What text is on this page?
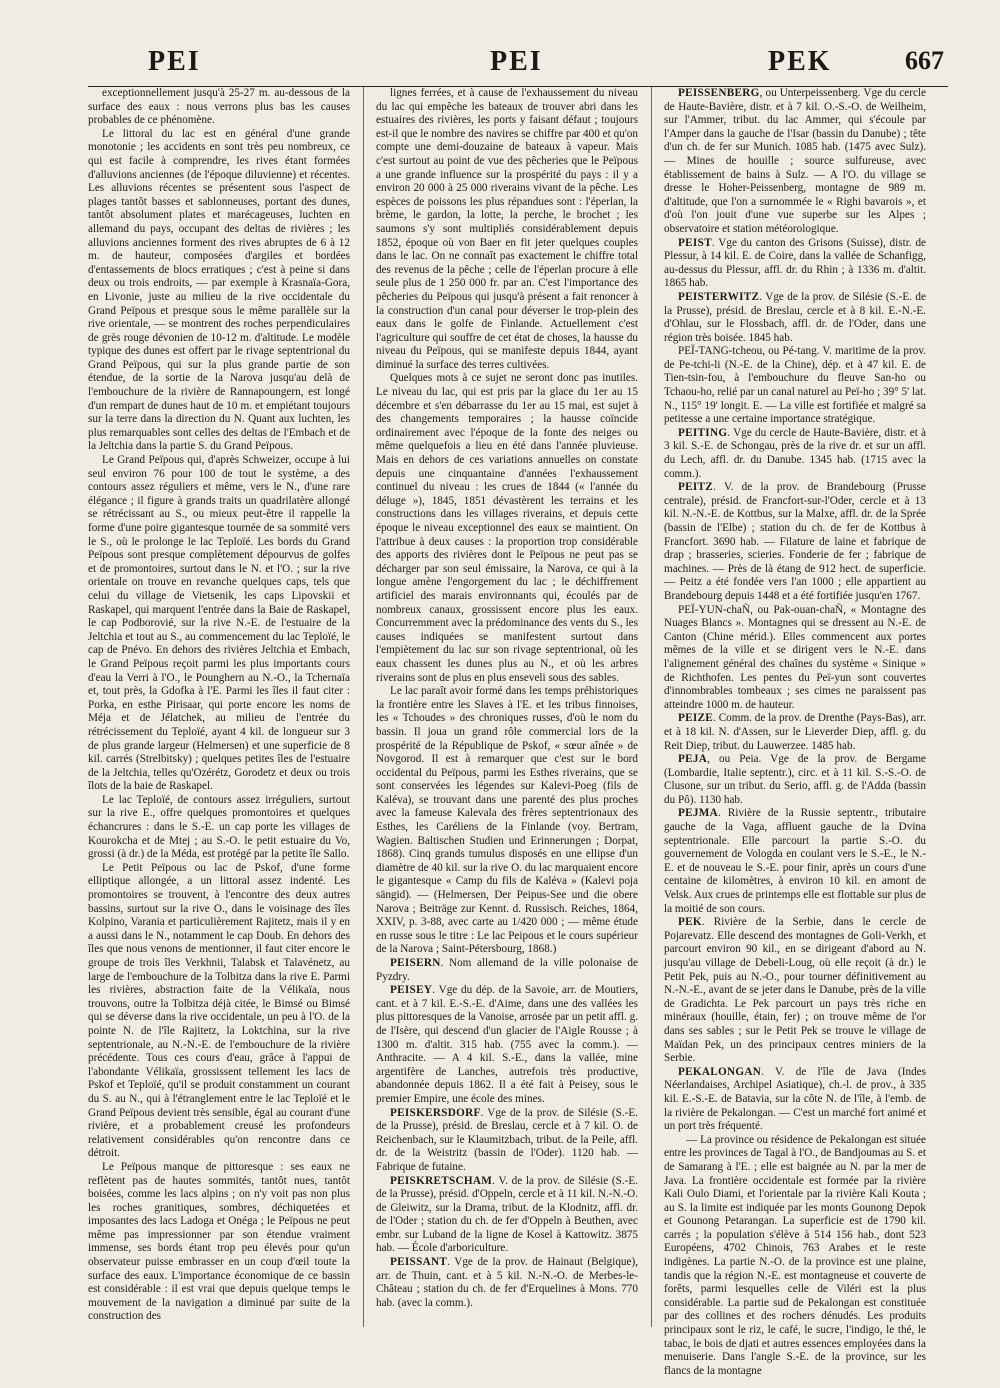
PEI	PEI	PEK	667

exceptionnellement jusqu'à 25-27 m. au-dessous de la surface des eaux : nous verrons plus bas les causes probables de ce phénomène.

Le littoral du lac est en général d'une grande monotonie ; les accidents en sont très peu nombreux, ce qui est facile à comprendre, les rives étant formées d'alluvions anciennes (de l'époque diluvienne) et récentes. Les alluvions récentes se présentent sous l'aspect de plages tantôt basses et sablonneuses, portant des dunes, tantôt absolument plates et marécageuses, luchten en allemand du pays, occupant des deltas de rivières ; les alluvions anciennes forment des rives abruptes de 6 à 12 m. de hauteur, composées d'argiles et bordées d'entassements de blocs erratiques ; c'est à peine si dans deux ou trois endroits, — par exemple à Krasnaïa-Gora, en Livonie, juste au milieu de la rive occidentale du Grand Peïpous et presque sous le même parallèle sur la rive orientale, — se montrent des roches perpendiculaires de grès rouge dévonien de 10-12 m. d'altitude. Le modèle typique des dunes est offert par le rivage septentrional du Grand Peïpous, qui sur la plus grande partie de son étendue, de la sortie de la Narova jusqu'au delà de l'embouchure de la rivière de Rannapoungern, est longé d'un rempart de dunes haut de 10 m. et empiétant toujours sur la terre dans la direction du N. Quant aux luchten, les plus remarquables sont celles des deltas de l'Embach et de la Jeltchia dans la partie S. du Grand Peïpous.

Le Grand Peïpous qui, d'après Schweizer, occupe à lui seul environ 76 pour 100 de tout le système, a des contours assez réguliers et même, vers le N., d'une rare élégance ; il figure à grands traits un quadrilatère allongé se rétrécissant au S., ou mieux peut-être il rappelle la forme d'une poire gigantesque tournée de sa sommité vers le S., où le prolonge le lac Teploïé. Les bords du Grand Peïpous sont presque complètement dépourvus de golfes et de promontoires, surtout dans le N. et l'O. ; sur la rive orientale on trouve en revanche quelques caps, tels que celui du village de Vietsenik, les caps Lipovskii et Raskapel, qui marquent l'entrée dans la Baie de Raskapel, le cap Podborovié, sur la rive N.-E. de l'estuaire de la Jeltchia et tout au S., au commencement du lac Teploïé, le cap de Pnévo. En dehors des rivières Jeltchia et Embach, le Grand Peïpous reçoit parmi les plus importants cours d'eau la Verri à l'O., le Pounghern au N.-O., la Tchernaïa et, tout près, la Gdofka à l'E. Parmi les îles il faut citer : Porka, en esthe Pirisaar, qui porte encore les noms de Méja et de Jélatchek, au milieu de l'entrée du rétrécissement du Teploïé, ayant 4 kil. de longueur sur 3 de plus grande largeur (Helmersen) et une superficie de 8 kil. carrés (Strelbitsky) ; quelques petites îles de l'estuaire de la Jeltchia, telles qu'Ozérétz, Gorodetz et deux ou trois îlots de la baie de Raskapel.

Le lac Teploïé, de contours assez irréguliers, surtout sur la rive E., offre quelques promontoires et quelques échancrures : dans le S.-E. un cap porte les villages de Kourokcha et de Mtej ; au S.-O. le petit estuaire du Vo, grossi (à dr.) de la Méda, est protégé par la petite île Sallo.

Le Petit Peïpous ou lac de Pskof, d'une forme elliptique allongée, a un littoral assez indenté. Les promontoires se trouvent, à l'encontre des deux autres bassins, surtout sur la rive O., dans le voisinage des îles Kolpino, Varania et particulièrement Rajitetz, mais il y en a aussi dans le N., notamment le cap Doub. En dehors des îles que nous venons de mentionner, il faut citer encore le groupe de trois îles Verkhnii, Talabsk et Talavénetz, au large de l'embouchure de la Tolbitza dans la rive E. Parmi les rivières, abstraction faite de la Vélikaïa, nous trouvons, outre la Tolbitza déjà citée, le Bimsé ou Bimsé qui se déverse dans la rive occidentale, un peu à l'O. de la pointe N. de l'île Rajitetz, la Loktchina, sur la rive septentrionale, au N.-N.-E. de l'embouchure de la rivière précédente. Tous ces cours d'eau, grâce à l'appui de l'abondante Vélikaïa, grossissent tellement les lacs de Pskof et Teploïé, qu'il se produit constamment un courant du S. au N., qui à l'étranglement entre le lac Teploïé et le Grand Peïpous devient très sensible, égal au courant d'une rivière, et a probablement creusé les profondeurs relativement considérables qu'on rencontre dans ce détroit.

Le Peïpous manque de pittoresque : ses eaux ne reflètent pas de hautes sommités, tantôt nues, tantôt boisées, comme les lacs alpins ; on n'y voit pas non plus les roches granitiques, sombres, déchiquetées et imposantes des lacs Ladoga et Onéga ; le Peïpous ne peut même pas impressionner par son étendue vraiment immense, ses bords étant trop peu élevés pour qu'un observateur puisse embrasser en un coup d'œil toute la surface des eaux. L'importance économique de ce bassin est considérable : il est vrai que depuis quelque temps le mouvement de la navigation a diminué par suite de la construction des

lignes ferrées, et à cause de l'exhaussement du niveau du lac qui empêche les bateaux de trouver abri dans les estuaires des rivières, les ports y faisant défaut ; toujours est-il que le nombre des navires se chiffre par 400 et qu'on compte une demi-douzaine de bateaux à vapeur. Mais c'est surtout au point de vue des pêcheries que le Peïpous a une grande influence sur la prospérité du pays : il y a environ 20 000 à 25 000 riverains vivant de la pêche. Les espèces de poissons les plus répandues sont : l'éperlan, la brème, le gardon, la lotte, la perche, le brochet ; les saumons s'y sont multipliés considérablement depuis 1852, époque où von Baer en fit jeter quelques couples dans le lac. On ne connaît pas exactement le chiffre total des revenus de la pêche ; celle de l'éperlan procure à elle seule plus de 1 250 000 fr. par an. C'est l'importance des pêcheries du Peïpous qui jusqu'à présent a fait renoncer à la construction d'un canal pour déverser le trop-plein des eaux dans le golfe de Finlande. Actuellement c'est l'agriculture qui souffre de cet état de choses, la hausse du niveau du Peïpous, qui se manifeste depuis 1844, ayant diminué la surface des terres cultivées.

Quelques mots à ce sujet ne seront donc pas inutiles. Le niveau du lac, qui est pris par la glace du 1er au 15 décembre et s'en débarrasse du 1er au 15 mai, est sujet à des changements temporaires ; la hausse coïncide ordinairement avec l'époque de la fonte des neiges ou même quelquefois a lieu en été dans l'année pluvieuse. Mais en dehors de ces variations annuelles on constate depuis une cinquantaine d'années l'exhaussement continuel du niveau : les crues de 1844 (« l'année du déluge »), 1845, 1851 dévastèrent les terrains et les constructions dans les villages riverains, et depuis cette époque le niveau exceptionnel des eaux se maintient. On l'attribue à deux causes : la proportion trop considérable des apports des rivières dont le Peïpous ne peut pas se décharger par son seul émissaire, la Narova, ce qui à la longue amène l'engorgement du lac ; le déchiffrement artificiel des marais environnants qui, écoulés par de nombreux canaux, grossissent encore plus les eaux. Concurremment avec la prédominance des vents du S., les causes indiquées se manifestent surtout dans l'empiètement du lac sur son rivage septentrional, où les eaux chassent les dunes plus au N., et où les arbres riverains sont de plus en plus enseveli sous des sables.

Le lac paraît avoir formé dans les temps préhistoriques la frontière entre les Slaves à l'E. et les tribus finnoises, les « Tchoudes » des chroniques russes, d'où le nom du bassin. Il joua un grand rôle commercial lors de la prospérité de la République de Pskof, « sœur aînée » de Novgorod. Il est à remarquer que c'est sur le bord occidental du Peïpous, parmi les Esthes riverains, que se sont conservées les légendes sur Kalevi-Poeg (fils de Kaléva), se trouvant dans une parenté des plus proches avec la fameuse Kalevala des frères septentrionaux des Esthes, les Caréliens de la Finlande (voy. Bertram, Wagien. Baltischen Studien und Erinnerungen ; Dorpat, 1868). Cinq grands tumulus disposés en une ellipse d'un diamètre de 40 kil. sur la rive O. du lac marquaient encore le gigantesque « Camp du fils de Kaléva » (Kalevi poja sängid). — (Helmersen, Der Peipus-See und die obere Narova ; Beiträge zur Kennt. d. Russisch. Reiches, 1864, XXIV, p. 3-88, avec carte au 1/420 000 ; — même étude en russe sous le titre : Le lac Peipous et le cours supérieur de la Narova ; Saint-Pétersbourg, 1868.)

PEISERN. Nom allemand de la ville polonaise de Pyzdry.

PEISEY. Vge du dép. de la Savoie, arr. de Moutiers, cant. et à 7 kil. E.-S.-E. d'Aime, dans une des vallées les plus pittoresques de la Vanoise, arrosée par un petit affl. g. de l'Isère, qui descend d'un glacier de l'Aigle Rousse ; à 1300 m. d'altit. 315 hab. (755 avec la comm.). — Anthracite. — A 4 kil. S.-E., dans la vallée, mine argentifère de Lanches, autrefois très productive, abandonnée depuis 1862. Il a été fait à Peisey, sous le premier Empire, une école des mines.

PEISKERSDORF. Vge de la prov. de Silésie (S.-E. de la Prusse), présid. de Breslau, cercle et à 7 kil. O. de Reichenbach, sur le Klaumitzbach, tribut. de la Peile, affl. dr. de la Weistritz (bassin de l'Oder). 1120 hab. — Fabrique de futaine.

PEISKRETSCHAM. V. de la prov. de Silésie (S.-E. de la Prusse), présid. d'Oppeln, cercle et à 11 kil. N.-N.-O. de Gleiwitz, sur la Drama, tribut. de la Klodnitz, affl. dr. de l'Oder ; station du ch. de fer d'Oppeln à Beuthen, avec embr. sur Luband de la ligne de Kosel à Kattowitz. 3875 hab. — École d'arboriculture.

PEISSANT. Vge de la prov. de Hainaut (Belgique), arr. de Thuin, cant. et à 5 kil. N.-N.-O. de Merbes-le-Château ; station du ch. de fer d'Erquelines à Mons. 770 hab. (avec la comm.).

PEISSENBERG, ou Unterpeissenberg. Vge du cercle de Haute-Bavière, distr. et à 7 kil. O.-S.-O. de Weilheim, sur l'Ammer, tribut. du lac Ammer, qui s'écoule par l'Amper dans la gauche de l'Isar (bassin du Danube) ; tête d'un ch. de fer sur Munich. 1085 hab. (1475 avec Sulz). — Mines de houille ; source sulfureuse, avec établissement de bains à Sulz. — A l'O. du village se dresse le Hoher-Peissenberg, montagne de 989 m. d'altitude, que l'on a surnommée le « Righi bavarois », et d'où l'on jouit d'une vue superbe sur les Alpes ; observatoire et station météorologique.

PEIST. Vge du canton des Grisons (Suisse), distr. de Plessur, à 14 kil. E. de Coire, dans la vallée de Schanfigg, au-dessus du Plessur, affl. dr. du Rhin ; à 1336 m. d'altit. 1865 hab.

PEISTERWITZ. Vge de la prov. de Silésie (S.-E. de la Prusse), présid. de Breslau, cercle et à 8 kil. E.-N.-E. d'Ohlau, sur le Flossbach, affl. dr. de l'Oder, dans une région très boisée. 1845 hab.

PEÏ-TANG-tcheou, ou Pé-tang. V. maritime de la prov. de Pe-tchi-li (N.-E. de la Chine), dép. et à 47 kil. E. de Tien-tsin-fou, à l'embouchure du fleuve San-ho ou Tchaou-ho, relié par un canal naturel au Peï-ho ; 39° 5' lat. N., 115° 19' longit. E. — La ville est fortifiée et malgré sa petitesse a une certaine importance stratégique.

PEITING. Vge du cercle de Haute-Bavière, distr. et à 3 kil. S.-E. de Schongau, près de la rive dr. et sur un affl. du Lech, affl. dr. du Danube. 1345 hab. (1715 avec la comm.).

PEITZ. V. de la prov. de Brandebourg (Prusse centrale), présid. de Francfort-sur-l'Oder, cercle et à 13 kil. N.-N.-E. de Kottbus, sur la Malxe, affl. dr. de la Sprée (bassin de l'Elbe) ; station du ch. de fer de Kottbus à Francfort. 3690 hab. — Filature de laine et fabrique de drap ; brasseries, scieries. Fonderie de fer ; fabrique de machines. — Près de là étang de 912 hect. de superficie. — Peitz a été fondée vers l'an 1000 ; elle appartient au Brandebourg depuis 1448 et a été fortifiée jusqu'en 1767.

PEÏ-YUN-chaÑ, ou Pak-ouan-chaÑ, « Montagne des Nuages Blancs ». Montagnes qui se dressent au N.-E. de Canton (Chine mérid.). Elles commencent aux portes mêmes de la ville et se dirigent vers le N.-E. dans l'alignement général des chaînes du système « Sinique » de Richthofen. Les pentes du Peï-yun sont couvertes d'innombrables tombeaux ; ses cimes ne paraissent pas atteindre 1000 m. de hauteur.

PEIZE. Comm. de la prov. de Drenthe (Pays-Bas), arr. et à 18 kil. N. d'Assen, sur le Lieverder Diep, affl. g. du Reit Diep, tribut. du Lauwerzee. 1485 hab.

PEJA, ou Peia. Vge de la prov. de Bergame (Lombardie, Italie septentr.), circ. et à 11 kil. S.-S.-O. de Clusone, sur un tribut. du Serio, affl. g. de l'Adda (bassin du Pô). 1130 hab.

PEJMA. Rivière de la Russie septentr., tributaire gauche de la Vaga, affluent gauche de la Dvina septentrionale. Elle parcourt la partie S.-O. du gouvernement de Vologda en coulant vers le S.-E., le N.-E. et de nouveau le S.-E. pour finir, après un cours d'une centaine de kilomètres, à environ 10 kil. en amont de Velsk. Aux crues de printemps elle est flottable sur plus de la moitié de son cours.

PEK. Rivière de la Serbie, dans le cercle de Pojarevatz. Elle descend des montagnes de Goli-Verkh, et parcourt environ 90 kil., en se dirigeant d'abord au N. jusqu'au village de Debeli-Loug, où elle reçoit (à dr.) le Petit Pek, puis au N.-O., pour tourner définitivement au N.-N.-E., avant de se jeter dans le Danube, près de la ville de Gradichta. Le Pek parcourt un pays très riche en minéraux (houille, étain, fer) ; on trouve même de l'or dans ses sables ; sur le Petit Pek se trouve le village de Maïdan Pek, un des principaux centres miniers de la Serbie.

PEKALONGAN. V. de l'île de Java (Indes Néerlandaises, Archipel Asiatique), ch.-l. de prov., à 335 kil. E.-S.-E. de Batavia, sur la côte N. de l'île, à l'emb. de la rivière de Pekalongan. — C'est un marché fort animé et un port très fréquenté.

— La province ou résidence de Pekalongan est située entre les provinces de Tagal à l'O., de Bandjoumas au S. et de Samarang à l'E. ; elle est baignée au N. par la mer de Java. La frontière occidentale est formée par la rivière Kali Oulo Diami, et l'orientale par la rivière Kali Kouta ; au S. la limite est indiquée par les monts Gounong Depok et Gounong Petarangan. La superficie est de 1790 kil. carrés ; la population s'élève à 514 156 hab., dont 523 Européens, 4702 Chinois, 763 Arabes et le reste indigènes. La partie N.-O. de la province est une plaine, tandis que la région N.-E. est montagneuse et couverte de forêts, parmi lesquelles celle de Viléri est la plus considérable. La partie sud de Pekalongan est constituée par des collines et des rochers dénudés. Les produits principaux sont le riz, le café, le sucre, l'indigo, le thé, le tabac, le bois de djati et autres essences employées dans la menuiserie. Dans l'angle S.-E. de la province, sur les flancs de la montagne
